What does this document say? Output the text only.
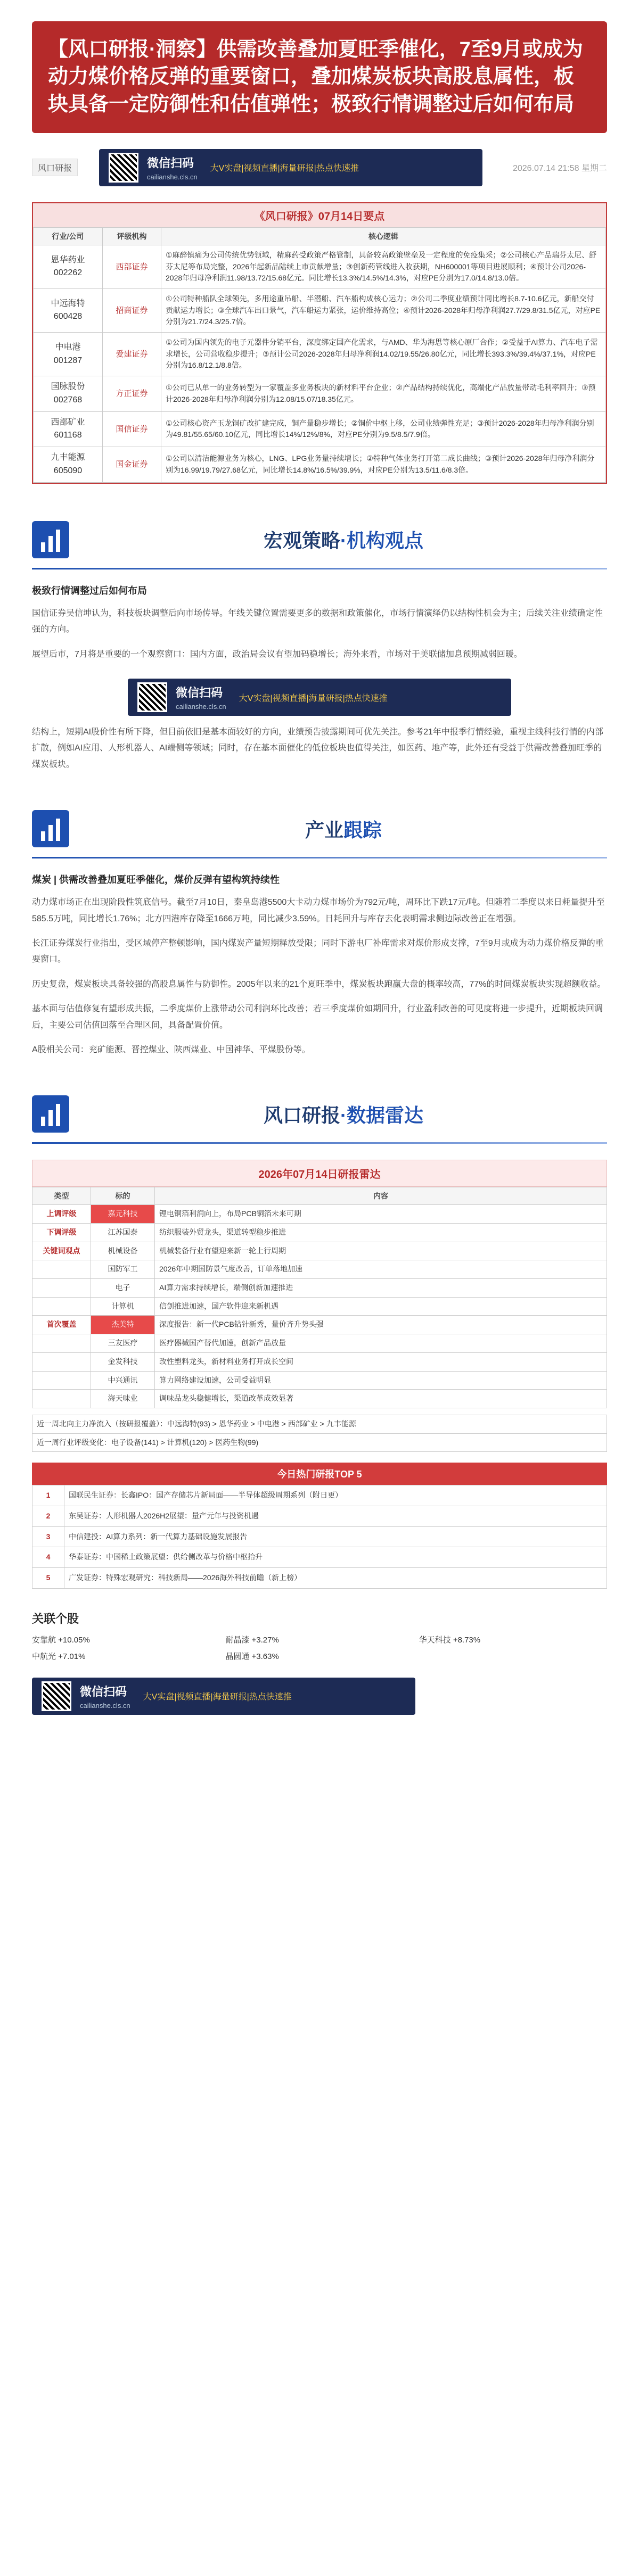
【风口研报·洞察】供需改善叠加夏旺季催化，7至9月或成为动力煤价格反弹的重要窗口，叠加煤炭板块高股息属性，板块具备一定防御性和估值弹性；极致行情调整过后如何布局
风口研报	微信扫码
cailianshe.cls.cn
大V实盘|视频直播|海量研报|热点快速推	2026.07.14 21:58 星期二
《风口研报》07月14日要点
行业/公司	评级机构	核心逻辑
恩华药业
002262	西部证券	①麻醉镇痛为公司传统优势领域，精麻药受政策严格管制，具备较高政策壁垒及一定程度的免疫集采；②公司核心产品瑞芬太尼、舒芬太尼等布局完整，2026年起新品陆续上市贡献增量；③创新药管线进入收获期，NH600001等项目进展顺利；④预计公司2026-2028年归母净利润11.98/13.72/15.68亿元。同比增长13.3%/14.5%/14.3%，对应PE分别为17.0/14.8/13.0倍。
中远海特
600428	招商证券	①公司特种船队全球领先，多用途重吊船、半潜船、汽车船构成核心运力；②公司二季度业绩预计同比增长8.7-10.6亿元，新船交付贡献运力增长；③全球汽车出口景气，汽车船运力紧张，运价维持高位；④预计2026-2028年归母净利润27.7/29.8/31.5亿元，对应PE分别为21.7/24.3/25.7倍。
中电港
001287	爱建证券	①公司为国内领先的电子元器件分销平台，深度绑定国产化需求，与AMD、华为海思等核心原厂合作；②受益于AI算力、汽车电子需求增长，公司营收稳步提升；③预计公司2026-2028年归母净利润14.02/19.55/26.80亿元，同比增长393.3%/39.4%/37.1%，对应PE分别为16.8/12.1/8.8倍。
国脉股份
002768	方正证券	①公司已从单一的业务转型为一家覆盖多业务板块的新材料平台企业；②产品结构持续优化，高端化产品放量带动毛利率回升；③预计2026-2028年归母净利润分别为12.08/15.07/18.35亿元。
西部矿业
601168	国信证券	①公司核心资产玉龙铜矿改扩建完成，铜产量稳步增长；②铜价中枢上移，公司业绩弹性充足；③预计2026-2028年归母净利润分别为49.81/55.65/60.10亿元，同比增长14%/12%/8%，对应PE分别为9.5/8.5/7.9倍。
九丰能源
605090	国金证券	①公司以清洁能源业务为核心，LNG、LPG业务量持续增长；②特种气体业务打开第二成长曲线；③预计2026-2028年归母净利润分别为16.99/19.79/27.68亿元，同比增长14.8%/16.5%/39.9%，对应PE分别为13.5/11.6/8.3倍。
宏观策略·机构观点
极致行情调整过后如何布局

国信证券吴信坤认为，科技板块调整后向市场传导。年线关键位置需要更多的数据和政策催化，市场行情演绎仍以结构性机会为主；后续关注业绩确定性强的方向。

展望后市，7月将是重要的一个观察窗口：国内方面，政治局会议有望加码稳增长；海外来看，市场对于美联储加息预期减弱回暖。

微信扫码
cailianshe.cls.cn
大V实盘|视频直播|海量研报|热点快速推

结构上，短期AI股价性有所下降，但目前依旧是基本面较好的方向，业绩预告披露期间可优先关注。参考21年中报季行情经验，重视主线科技行情的内部扩散，例如AI应用、人形机器人、AI端侧等领域；同时，存在基本面催化的低位板块也值得关注，如医药、地产等，此外还有受益于供需改善叠加旺季的煤炭板块。

产业跟踪
煤炭 | 供需改善叠加夏旺季催化，煤价反弹有望构筑持续性

动力煤市场正在出现阶段性筑底信号。截至7月10日，秦皇岛港5500大卡动力煤市场价为792元/吨，周环比下跌17元/吨。但随着二季度以来日耗量提升至585.5万吨，同比增长1.76%；北方四港库存降至1666万吨，同比减少3.59%。日耗回升与库存去化表明需求侧边际改善正在增强。

长江证券煤炭行业指出，受区域停产整顿影响，国内煤炭产量短期释放受限；同时下游电厂补库需求对煤价形成支撑，7至9月或成为动力煤价格反弹的重要窗口。

历史复盘，煤炭板块具备较强的高股息属性与防御性。2005年以来的21个夏旺季中，煤炭板块跑赢大盘的概率较高，77%的时间煤炭板块实现超额收益。

基本面与估值修复有望形成共振，二季度煤价上涨带动公司利润环比改善；若三季度煤价如期回升，行业盈利改善的可见度将进一步提升，近期板块回调后，主要公司估值回落至合理区间，具备配置价值。

A股相关公司：兖矿能源、晋控煤业、陕西煤业、中国神华、平煤股份等。

风口研报·数据雷达
2026年07月14日研报雷达
类型	标的	内容
上调评级	嘉元科技	锂电铜箔利润向上，布局PCB铜箔未来可期
下调评级	江苏国泰	纺织服装外贸龙头，渠道转型稳步推进
关键词观点	机械设备	机械装备行业有望迎来新一轮上行周期
	国防军工	2026年中期国防景气度改善，订单落地加速
	电子	AI算力需求持续增长，端侧创新加速推进
	计算机	信创推进加速，国产软件迎来新机遇
首次覆盖	杰美特	深度报告：新一代PCB钻针新秀，量价齐升势头强
	三友医疗	医疗器械国产替代加速，创新产品放量
	金发科技	改性塑料龙头，新材料业务打开成长空间
	中兴通讯	算力网络建设加速，公司受益明显
	海天味业	调味品龙头稳健增长，渠道改革成效显著
近一周北向主力净流入（按研报覆盖）：中远海特(93) > 恩华药业 > 中电港 > 西部矿业 > 九丰能源
近一周行业评级变化：电子设备(141) > 计算机(120) > 医药生物(99)
今日热门研报TOP 5
1	国联民生证券：长鑫IPO：国产存储芯片新局面——半导体超级周期系列（附日更）
2	东吴证券：人形机器人2026H2展望：量产元年与投资机遇
3	中信建投：AI算力系列：新一代算力基础设施发展报告
4	华泰证券：中国稀土政策展望：供给侧改革与价格中枢抬升
5	广发证券：特殊宏观研究：科技新局——2026海外科技前瞻（新上榜）
关联个股
安靠航 +10.05%	耐晶漆 +3.27%	华天科技 +8.73%
中航光 +7.01%	晶圆通 +3.63%
微信扫码
cailianshe.cls.cn
大V实盘|视频直播|海量研报|热点快速推
